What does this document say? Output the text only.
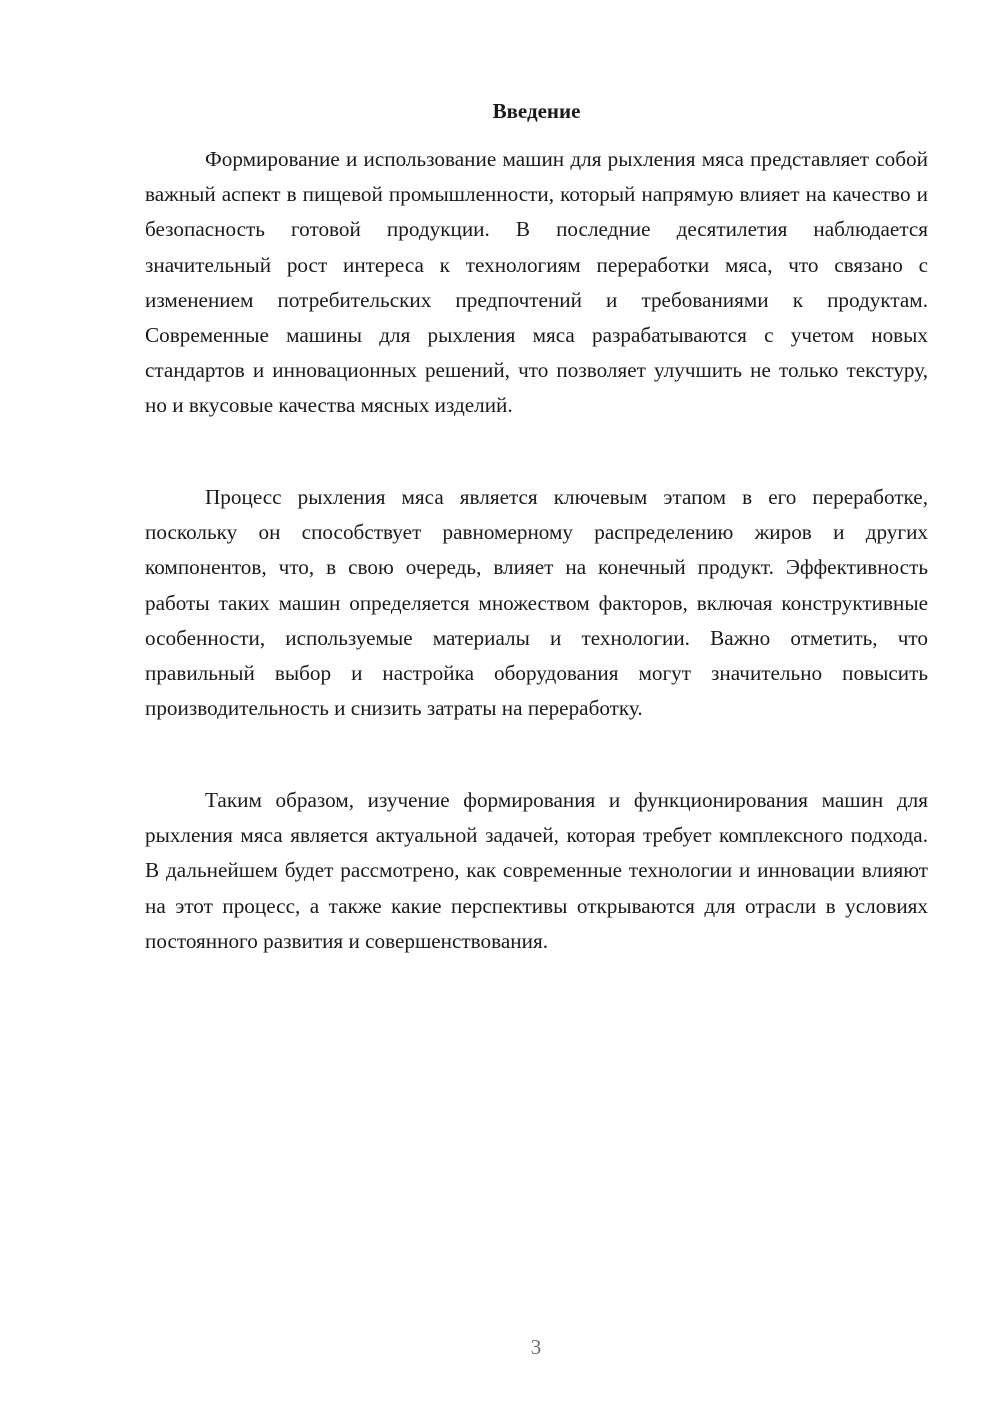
Введение

Формирование и использование машин для рыхления мяса представляет собой важный аспект в пищевой промышленности, который напрямую влияет на качество и безопасность готовой продукции. В последние десятилетия наблюдается значительный рост интереса к технологиям переработки мяса, что связано с изменением потребительских предпочтений и требованиями к продуктам. Современные машины для рыхления мяса разрабатываются с учетом новых стандартов и инновационных решений, что позволяет улучшить не только текстуру, но и вкусовые качества мясных изделий.

Процесс рыхления мяса является ключевым этапом в его переработке, поскольку он способствует равномерному распределению жиров и других компонентов, что, в свою очередь, влияет на конечный продукт. Эффективность работы таких машин определяется множеством факторов, включая конструктивные особенности, используемые материалы и технологии. Важно отметить, что правильный выбор и настройка оборудования могут значительно повысить производительность и снизить затраты на переработку.

Таким образом, изучение формирования и функционирования машин для рыхления мяса является актуальной задачей, которая требует комплексного подхода. В дальнейшем будет рассмотрено, как современные технологии и инновации влияют на этот процесс, а также какие перспективы открываются для отрасли в условиях постоянного развития и совершенствования.

3
